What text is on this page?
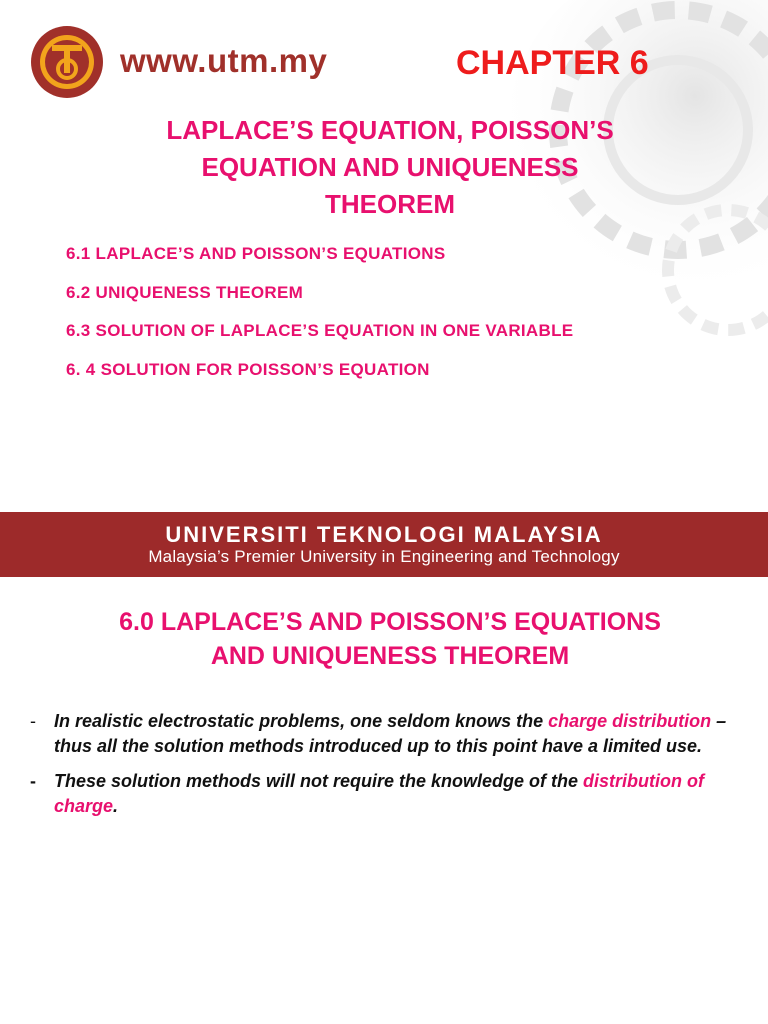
www.utm.my	CHAPTER 6
LAPLACE’S EQUATION, POISSON’S
EQUATION AND UNIQUENESS
THEOREM
6.1 LAPLACE’S AND POISSON’S EQUATIONS
6.2 UNIQUENESS THEOREM
6.3 SOLUTION OF LAPLACE’S EQUATION IN ONE VARIABLE
6. 4 SOLUTION FOR POISSON’S EQUATION
UNIVERSITI TEKNOLOGI MALAYSIA
Malaysia’s Premier University in Engineering and Technology
6.0 LAPLACE’S AND POISSON’S EQUATIONS
AND UNIQUENESS THEOREM
- In realistic electrostatic problems, one seldom knows the charge distribution – thus all the solution methods introduced up to this point have a limited use.
- These solution methods will not require the knowledge of the distribution of charge.
